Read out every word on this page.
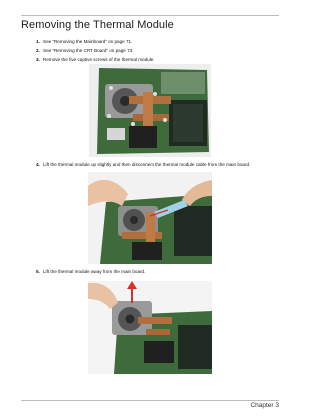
Removing the Thermal Module
1. See “Removing the Mainboard” on page 71.
2. See “Removing the CRT Board” on page 73.
3. Remove the five captive screws of the thermal module.
4. Lift the thermal module up slightly and then disconnect the thermal module cable from the main board.
5. Lift the thermal module away from the main board.
Chapter 3
